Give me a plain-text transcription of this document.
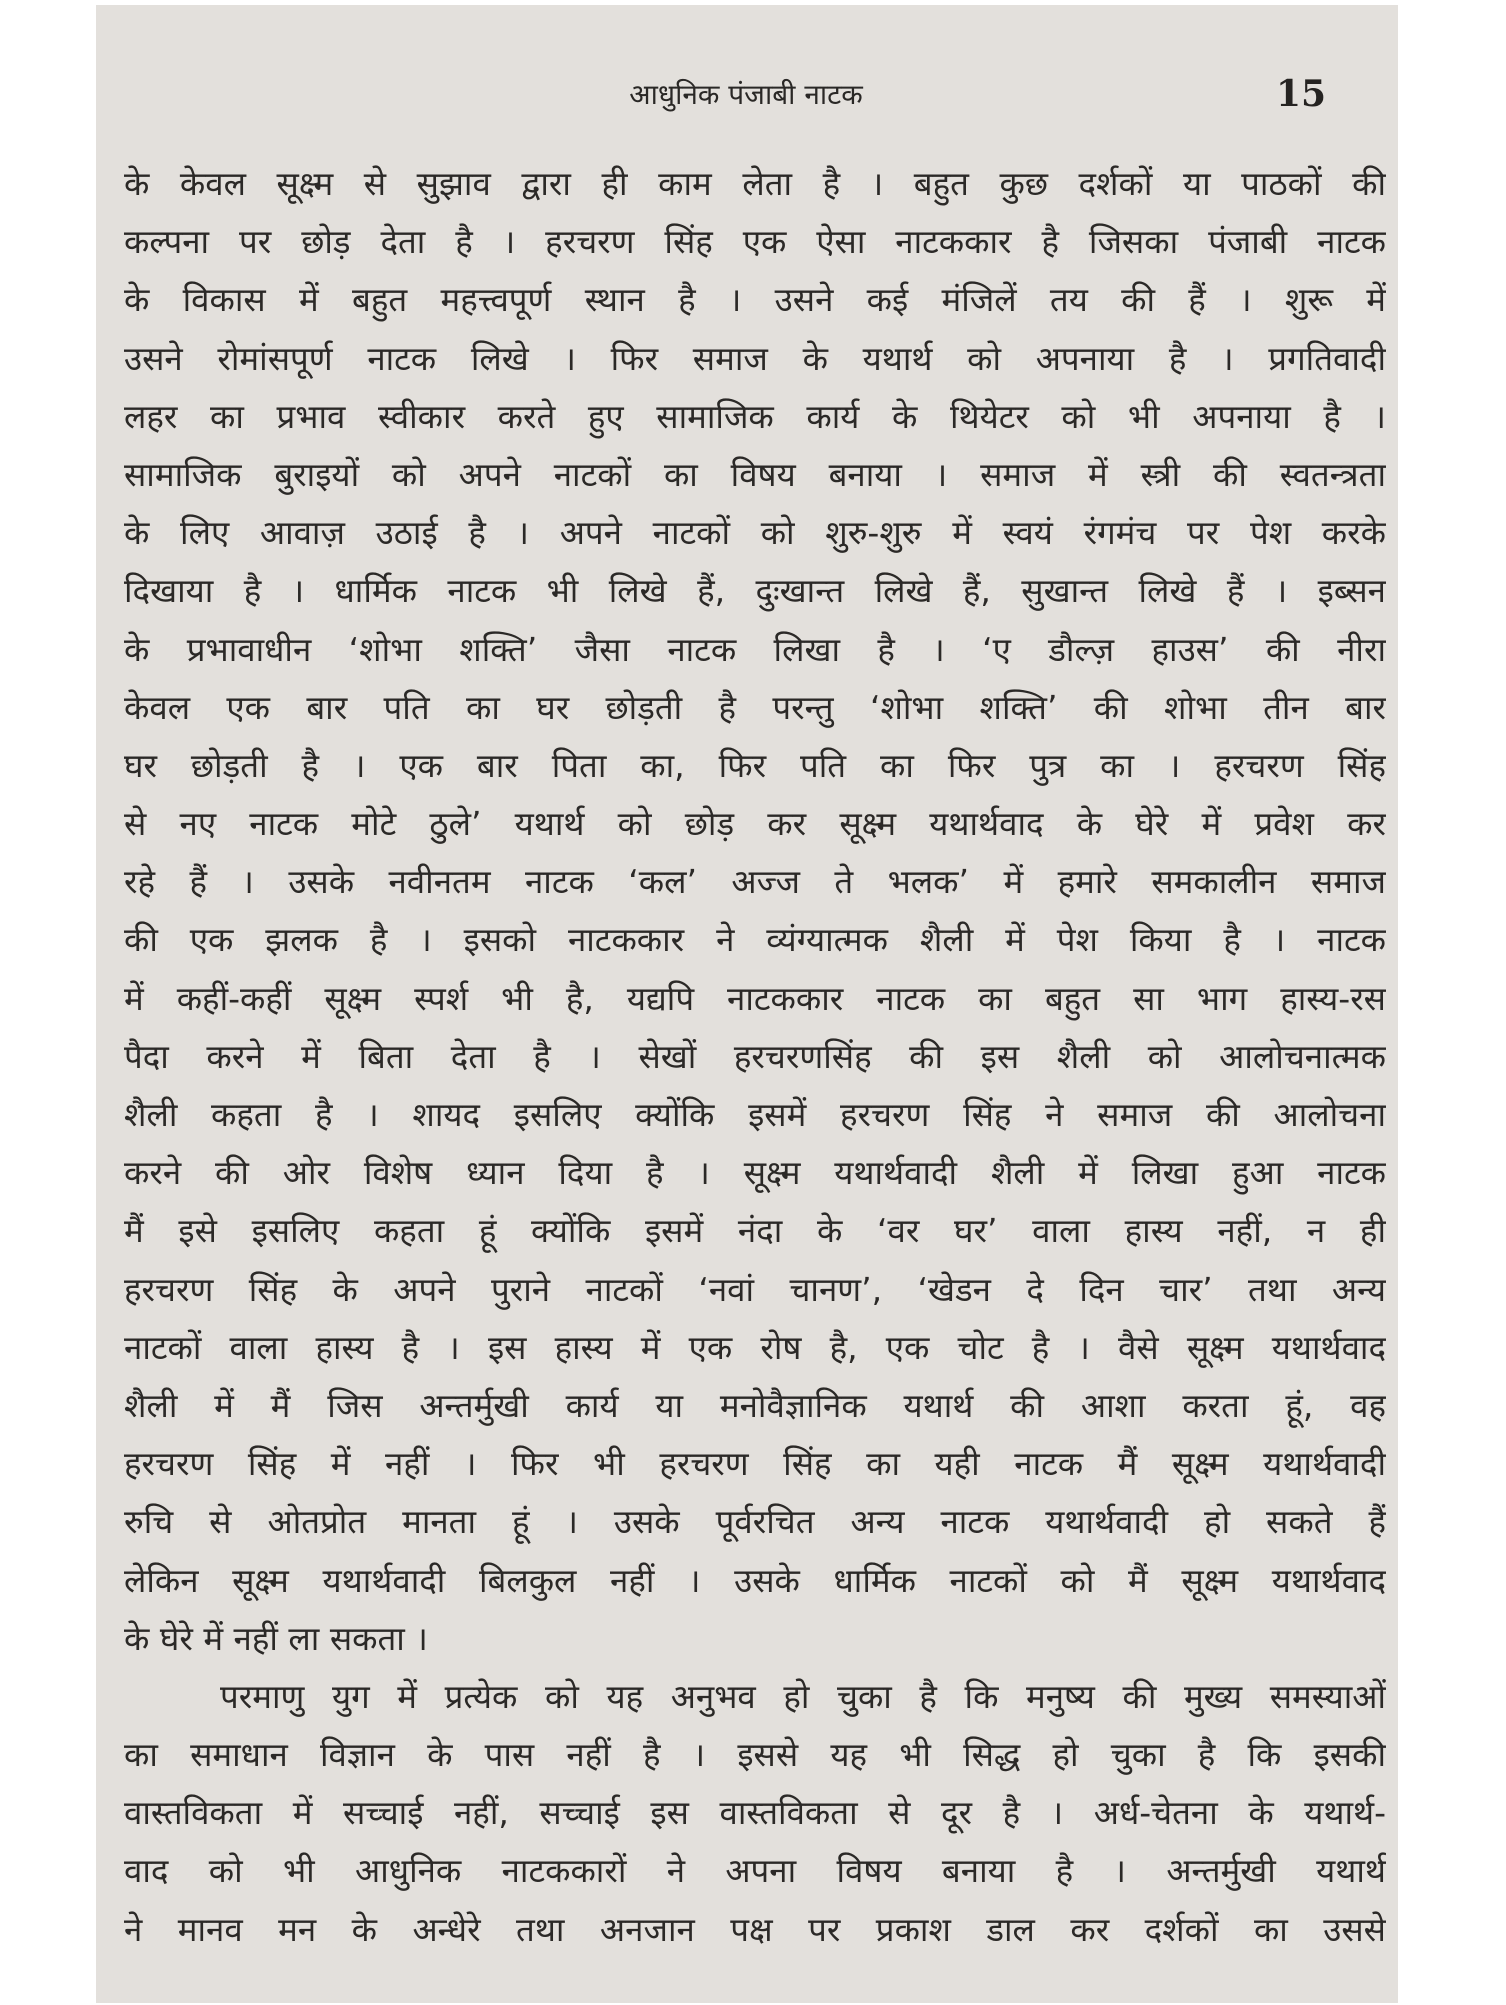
आधुनिक पंजाबी नाटक	15
के केवल सूक्ष्म से सुझाव द्वारा ही काम लेता है । बहुत कुछ दर्शकों या पाठकों की
कल्पना पर छोड़ देता है । हरचरण सिंह एक ऐसा नाटककार है जिसका पंजाबी नाटक
के विकास में बहुत महत्त्वपूर्ण स्थान है । उसने कई मंजिलें तय की हैं । शुरू में
उसने रोमांसपूर्ण नाटक लिखे । फिर समाज के यथार्थ को अपनाया है । प्रगतिवादी
लहर का प्रभाव स्वीकार करते हुए सामाजिक कार्य के थियेटर को भी अपनाया है ।
सामाजिक बुराइयों को अपने नाटकों का विषय बनाया । समाज में स्त्री की स्वतन्त्रता
के लिए आवाज़ उठाई है । अपने नाटकों को शुरु-शुरु में स्वयं रंगमंच पर पेश करके
दिखाया है । धार्मिक नाटक भी लिखे हैं, दुःखान्त लिखे हैं, सुखान्त लिखे हैं । इब्सन
के प्रभावाधीन ‘शोभा शक्ति’ जैसा नाटक लिखा है । ‘ए डौल्ज़ हाउस’ की नीरा
केवल एक बार पति का घर छोड़ती है परन्तु ‘शोभा शक्ति’ की शोभा तीन बार
घर छोड़ती है । एक बार पिता का, फिर पति का फिर पुत्र का । हरचरण सिंह
से नए नाटक मोटे ठुले’ यथार्थ को छोड़ कर सूक्ष्म यथार्थवाद के घेरे में प्रवेश कर
रहे हैं । उसके नवीनतम नाटक ‘कल’ अज्ज ते भलक’ में हमारे समकालीन समाज
की एक झलक है । इसको नाटककार ने व्यंग्यात्मक शैली में पेश किया है । नाटक
में कहीं-कहीं सूक्ष्म स्पर्श भी है, यद्यपि नाटककार नाटक का बहुत सा भाग हास्य-रस
पैदा करने में बिता देता है । सेखों हरचरणसिंह की इस शैली को आलोचनात्मक
शैली कहता है । शायद इसलिए क्योंकि इसमें हरचरण सिंह ने समाज की आलोचना
करने की ओर विशेष ध्यान दिया है । सूक्ष्म यथार्थवादी शैली में लिखा हुआ नाटक
मैं इसे इसलिए कहता हूं क्योंकि इसमें नंदा के ‘वर घर’ वाला हास्य नहीं, न ही
हरचरण सिंह के अपने पुराने नाटकों ‘नवां चानण’, ‘खेडन दे दिन चार’ तथा अन्य
नाटकों वाला हास्य है । इस हास्य में एक रोष है, एक चोट है । वैसे सूक्ष्म यथार्थवाद
शैली में मैं जिस अन्तर्मुखी कार्य या मनोवैज्ञानिक यथार्थ की आशा करता हूं, वह
हरचरण सिंह में नहीं । फिर भी हरचरण सिंह का यही नाटक मैं सूक्ष्म यथार्थवादी
रुचि से ओतप्रोत मानता हूं । उसके पूर्वरचित अन्य नाटक यथार्थवादी हो सकते हैं
लेकिन सूक्ष्म यथार्थवादी बिलकुल नहीं । उसके धार्मिक नाटकों को मैं सूक्ष्म यथार्थवाद
के घेरे में नहीं ला सकता ।
परमाणु युग में प्रत्येक को यह अनुभव हो चुका है कि मनुष्य की मुख्य समस्याओं
का समाधान विज्ञान के पास नहीं है । इससे यह भी सिद्ध हो चुका है कि इसकी
वास्तविकता में सच्चाई नहीं, सच्चाई इस वास्तविकता से दूर है । अर्ध-चेतना के यथार्थ-
वाद को भी आधुनिक नाटककारों ने अपना विषय बनाया है । अन्तर्मुखी यथार्थ
ने मानव मन के अन्धेरे तथा अनजान पक्ष पर प्रकाश डाल कर दर्शकों का उससे
